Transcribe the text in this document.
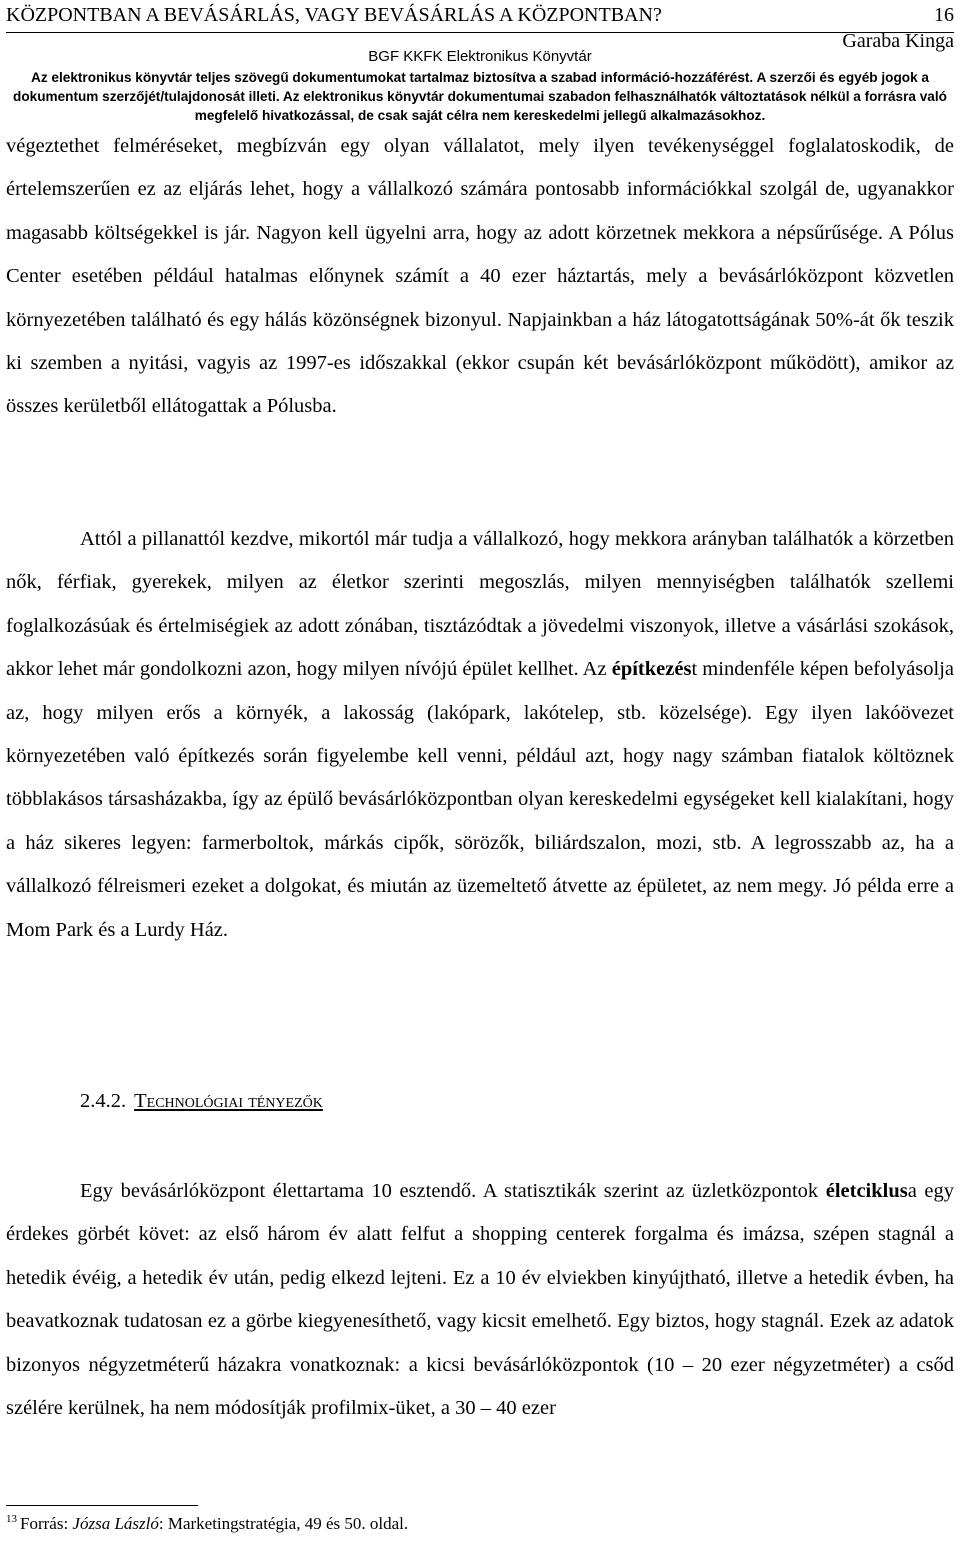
KÖZPONTBAN A BEVÁSÁRLÁS, VAGY BEVÁSÁRLÁS A KÖZPONTBAN?	16
Garaba Kinga
BGF KKFK Elektronikus Könyvtár
Az elektronikus könyvtár teljes szövegű dokumentumokat tartalmaz biztosítva a szabad információ-hozzáférést. A szerzői és egyéb jogok a dokumentum szerzőjét/tulajdonosát illeti. Az elektronikus könyvtár dokumentumai szabadon felhasználhatók változtatások nélkül a forrásra való megfelelő hivatkozással, de csak saját célra nem kereskedelmi jellegű alkalmazásokhoz.

végeztethet felméréseket, megbízván egy olyan vállalatot, mely ilyen tevékenységgel foglalatoskodik, de értelemszerűen ez az eljárás lehet, hogy a vállalkozó számára pontosabb információkkal szolgál de, ugyanakkor magasabb költségekkel is jár. Nagyon kell ügyelni arra, hogy az adott körzetnek mekkora a népsűrűsége. A Pólus Center esetében például hatalmas előnynek számít a 40 ezer háztartás, mely a bevásárlóközpont közvetlen környezetében található és egy hálás közönségnek bizonyul. Napjainkban a ház látogatottságának 50%-át ők teszik ki szemben a nyitási, vagyis az 1997-es időszakkal (ekkor csupán két bevásárlóközpont működött), amikor az összes kerületből ellátogattak a Pólusba.

Attól a pillanattól kezdve, mikortól már tudja a vállalkozó, hogy mekkora arányban találhatók a körzetben nők, férfiak, gyerekek, milyen az életkor szerinti megoszlás, milyen mennyiségben találhatók szellemi foglalkozásúak és értelmiségiek az adott zónában, tisztázódtak a jövedelmi viszonyok, illetve a vásárlási szokások, akkor lehet már gondolkozni azon, hogy milyen nívójú épület kellhet. Az építkezést mindenféle képen befolyásolja az, hogy milyen erős a környék, a lakosság (lakópark, lakótelep, stb. közelsége). Egy ilyen lakóövezet környezetében való építkezés során figyelembe kell venni, például azt, hogy nagy számban fiatalok költöznek többlakásos társasházakba, így az épülő bevásárlóközpontban olyan kereskedelmi egységeket kell kialakítani, hogy a ház sikeres legyen: farmerboltok, márkás cipők, sörözők, biliárdszalon, mozi, stb. A legrosszabb az, ha a vállalkozó félreismeri ezeket a dolgokat, és miután az üzemeltető átvette az épületet, az nem megy. Jó példa erre a Mom Park és a Lurdy Ház.

2.4.2. Technológiai tényezők

Egy bevásárlóközpont élettartama 10 esztendő. A statisztikák szerint az üzletközpontok életciklusa egy érdekes görbét követ: az első három év alatt felfut a shopping centerek forgalma és imázsa, szépen stagnál a hetedik évéig, a hetedik év után, pedig elkezd lejteni. Ez a 10 év elviekben kinyújtható, illetve a hetedik évben, ha beavatkoznak tudatosan ez a görbe kiegyenesíthető, vagy kicsit emelhető. Egy biztos, hogy stagnál. Ezek az adatok bizonyos négyzetméterű házakra vonatkoznak: a kicsi bevásárlóközpontok (10 – 20 ezer négyzetméter) a csőd szélére kerülnek, ha nem módosítják profilmix-üket, a 30 – 40 ezer

$^{13}$ Forrás: Józsa László: Marketingstratégia, 49 és 50. oldal.
